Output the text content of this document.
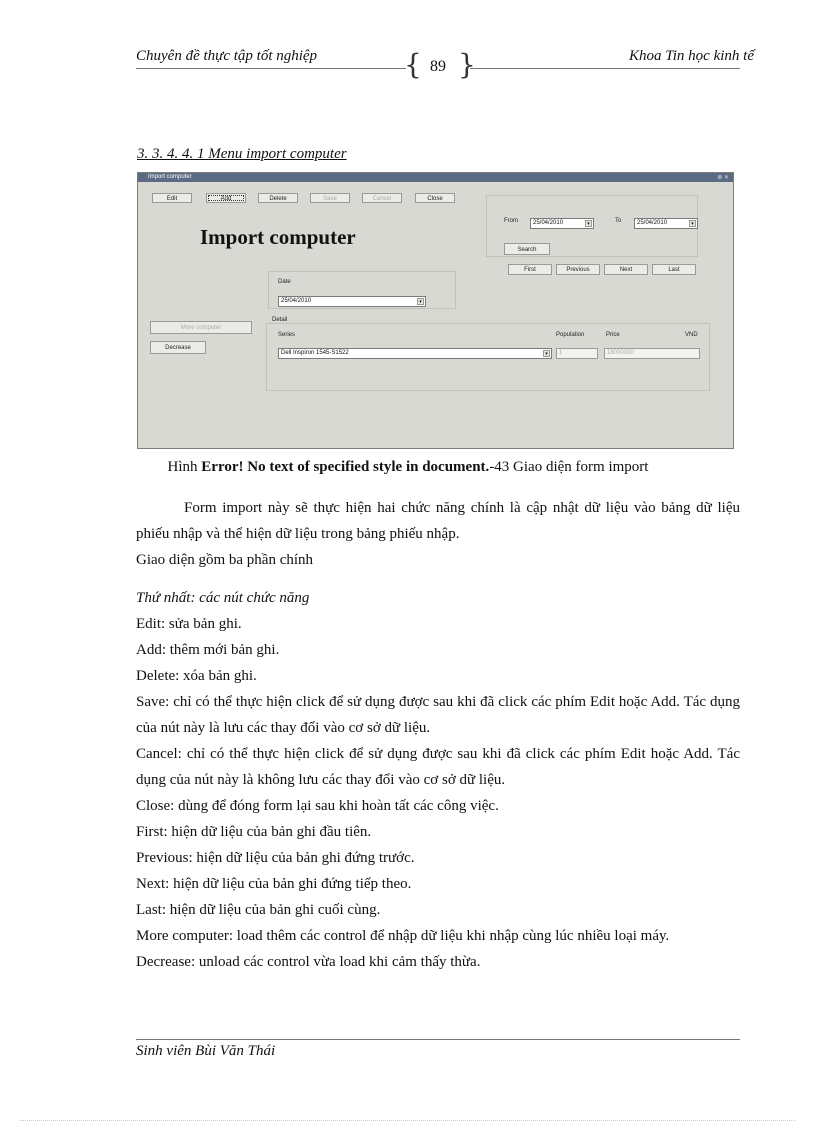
Chuyên đề thực tập tốt nghiệp	{ 89 }	Khoa Tin học kinh tế
3. 3. 4. 4. 1 Menu import computer
Import computer	⊗ ✕
Edit	Add	Delete	Save	Cancel	Close
Import computer
From	25/04/2010	▾	To	25/04/2010	▾
Search
First	Previous	Next	Last
Date
25/04/2010	▾
More computer
Decrease
Detail
Series	Population	Price	VND
Dell Inspiron 1545-S1522	▾	1	18000000
Hình Error! No text of specified style in document.-43 Giao diện form import
Form import này sẽ thực hiện hai chức năng chính là cập nhật dữ liệu vào bảng dữ liệu phiếu nhập và thể hiện dữ liệu trong bảng phiếu nhập.
Giao diện gồm ba phần chính
Thứ nhất: các nút chức năng
Edit: sửa bản ghi.
Add: thêm mới bản ghi.
Delete: xóa bản ghi.
Save: chỉ có thể thực hiện click để sử dụng được sau khi đã click các phím Edit hoặc Add. Tác dụng của nút này là lưu các thay đổi vào cơ sở dữ liệu.
Cancel: chỉ có thể thực hiện click để sử dụng được sau khi đã click các phím Edit hoặc Add. Tác dụng của nút này là không lưu các thay đổi vào cơ sở dữ liệu.
Close: dùng để đóng form lại sau khi hoàn tất các công việc.
First: hiện dữ liệu của bản ghi đầu tiên.
Previous: hiện dữ liệu của bản ghi đứng trước.
Next: hiện dữ liệu của bản ghi đứng tiếp theo.
Last: hiện dữ liệu của bản ghi cuối cùng.
More computer: load thêm các control để nhập dữ liệu khi nhập cùng lúc nhiều loại máy.
Decrease: unload các control vừa load khi cảm thấy thừa.
Sinh viên Bùi Văn Thái
